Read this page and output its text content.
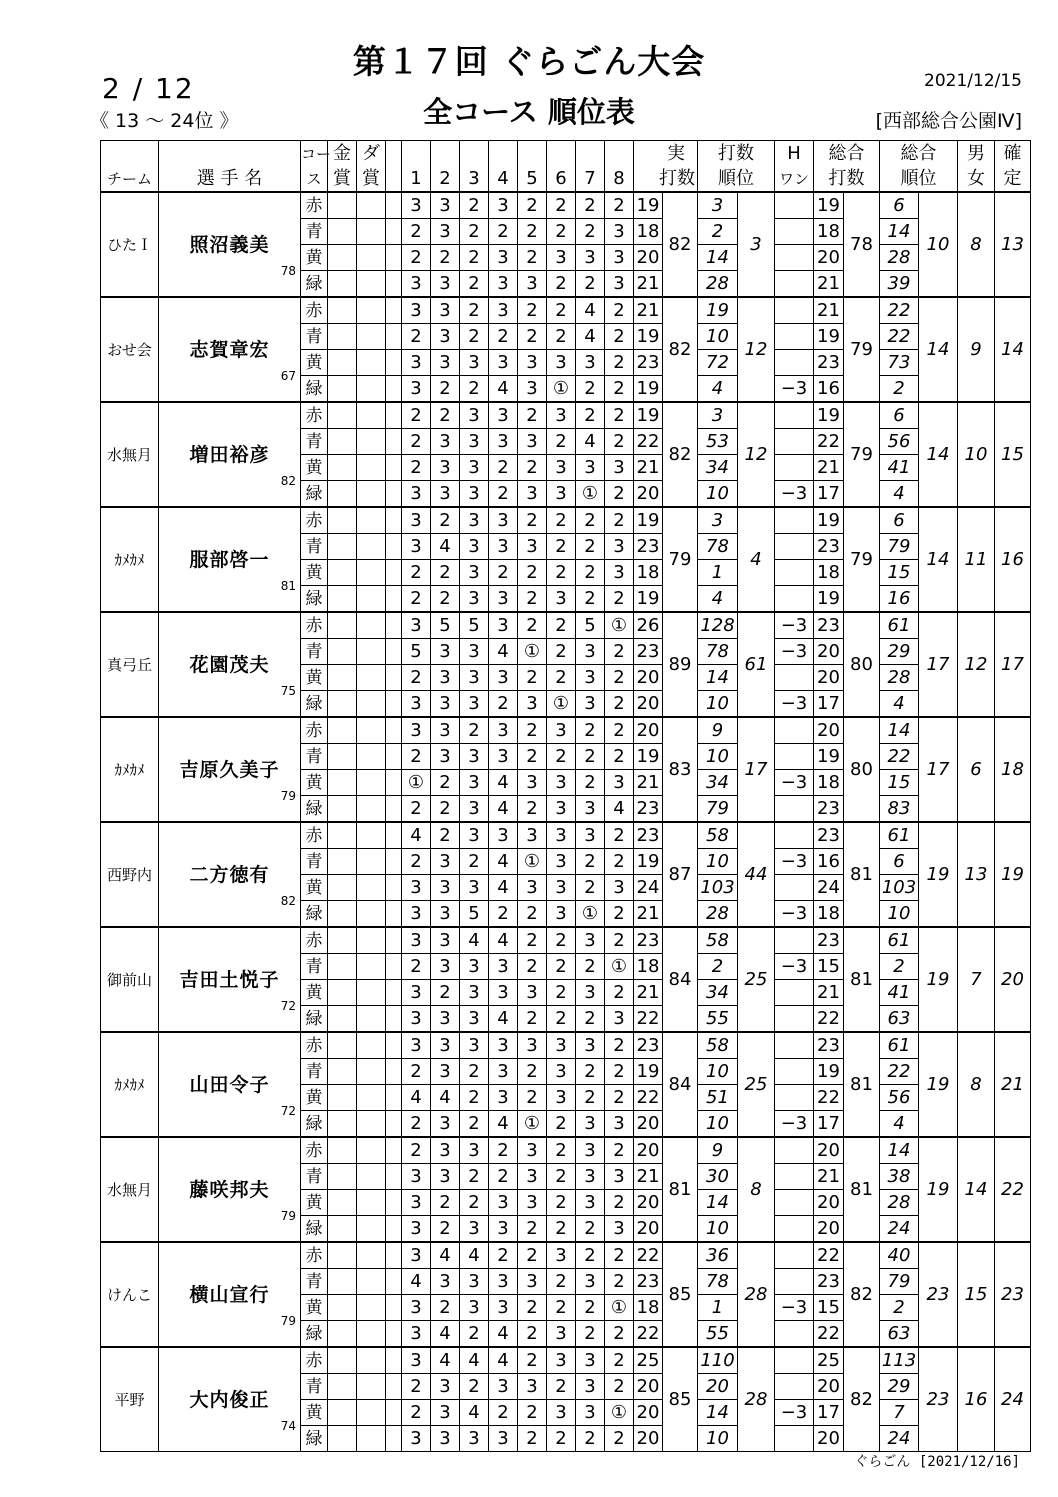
第１７回 ぐらごん大会
全コース 順位表
2 / 12
《 13 ～ 24位 》
2021/12/15
[西部総合公園Ⅳ]
チーム	選 手 名	コー	金	ダ		1	2	3	4	5	6	7	8	実		打数		H	総合		総合		男	確
		ス	賞	賞										打数		順位		ワン	打数		順位		女	定
ひたＩ	照沼義美
78	赤				3	3	2	3	2	2	2	2	19	82	3	3		19	78	6	10	8	13
		青				2	3	2	2	2	2	2	3	18		2			18		14			
		黄				2	2	2	3	2	3	3	3	20		14			20		28			
		緑				3	3	2	3	3	2	2	3	21		28			21		39			
おせ会	志賀章宏
67	赤				3	3	2	3	2	2	4	2	21	82	19	12		21	79	22	14	9	14
		青				2	3	2	2	2	2	4	2	19		10			19		22			
		黄				3	3	3	3	3	3	3	2	23		72			23		73			
		緑				3	2	2	4	3	①	2	2	19		4		−3	16		2			
水無月	増田裕彦
82	赤				2	2	3	3	2	3	2	2	19	82	3	12		19	79	6	14	10	15
		青				2	3	3	3	3	2	4	2	22		53			22		56			
		黄				2	3	3	2	2	3	3	3	21		34			21		41			
		緑				3	3	3	2	3	3	①	2	20		10		−3	17		4			
ｶﾒｶﾒ	服部啓一
81	赤				3	2	3	3	2	2	2	2	19	79	3	4		19	79	6	14	11	16
		青				3	4	3	3	3	2	2	3	23		78			23		79			
		黄				2	2	3	2	2	2	2	3	18		1			18		15			
		緑				2	2	3	3	2	3	2	2	19		4			19		16			
真弓丘	花園茂夫
75	赤				3	5	5	3	2	2	5	①	26	89	128	61	−3	23	80	61	17	12	17
		青				5	3	3	4	①	2	3	2	23		78		−3	20		29			
		黄				2	3	3	3	2	2	3	2	20		14			20		28			
		緑				3	3	3	2	3	①	3	2	20		10		−3	17		4			
ｶﾒｶﾒ	吉原久美子
79	赤				3	3	2	3	2	3	2	2	20	83	9	17		20	80	14	17	6	18
		青				2	3	3	3	2	2	2	2	19		10			19		22			
		黄				①	2	3	4	3	3	2	3	21		34		−3	18		15			
		緑				2	2	3	4	2	3	3	4	23		79			23		83			
西野内	二方徳有
82	赤				4	2	3	3	3	3	3	2	23	87	58	44		23	81	61	19	13	19
		青				2	3	2	4	①	3	2	2	19		10		−3	16		6			
		黄				3	3	3	4	3	3	2	3	24		103			24		103			
		緑				3	3	5	2	2	3	①	2	21		28		−3	18		10			
御前山	吉田土悦子
72	赤				3	3	4	4	2	2	3	2	23	84	58	25		23	81	61	19	7	20
		青				2	3	3	3	2	2	2	①	18		2		−3	15		2			
		黄				3	2	3	3	3	2	3	2	21		34			21		41			
		緑				3	3	3	4	2	2	2	3	22		55			22		63			
ｶﾒｶﾒ	山田令子
72	赤				3	3	3	3	3	3	3	2	23	84	58	25		23	81	61	19	8	21
		青				2	3	2	3	2	3	2	2	19		10			19		22			
		黄				4	4	2	3	2	3	2	2	22		51			22		56			
		緑				2	3	2	4	①	2	3	3	20		10		−3	17		4			
水無月	藤咲邦夫
79	赤				2	3	3	2	3	2	3	2	20	81	9	8		20	81	14	19	14	22
		青				3	3	2	2	3	2	3	3	21		30			21		38			
		黄				3	2	2	3	3	2	3	2	20		14			20		28			
		緑				3	2	3	3	2	2	2	3	20		10			20		24			
けんこ	横山宣行
79	赤				3	4	4	2	2	3	2	2	22	85	36	28		22	82	40	23	15	23
		青				4	3	3	3	3	2	3	2	23		78			23		79			
		黄				3	2	3	3	2	2	2	①	18		1		−3	15		2			
		緑				3	4	2	4	2	3	2	2	22		55			22		63			
平野	大内俊正
74	赤				3	4	4	4	2	3	3	2	25	85	110	28		25	82	113	23	16	24
		青				2	3	2	3	3	2	3	2	20		20			20		29			
		黄				2	3	4	2	2	3	3	①	20		14		−3	17		7			
		緑				3	3	3	3	2	2	2	2	20		10			20		24			
ぐらごん [2021/12/16]
